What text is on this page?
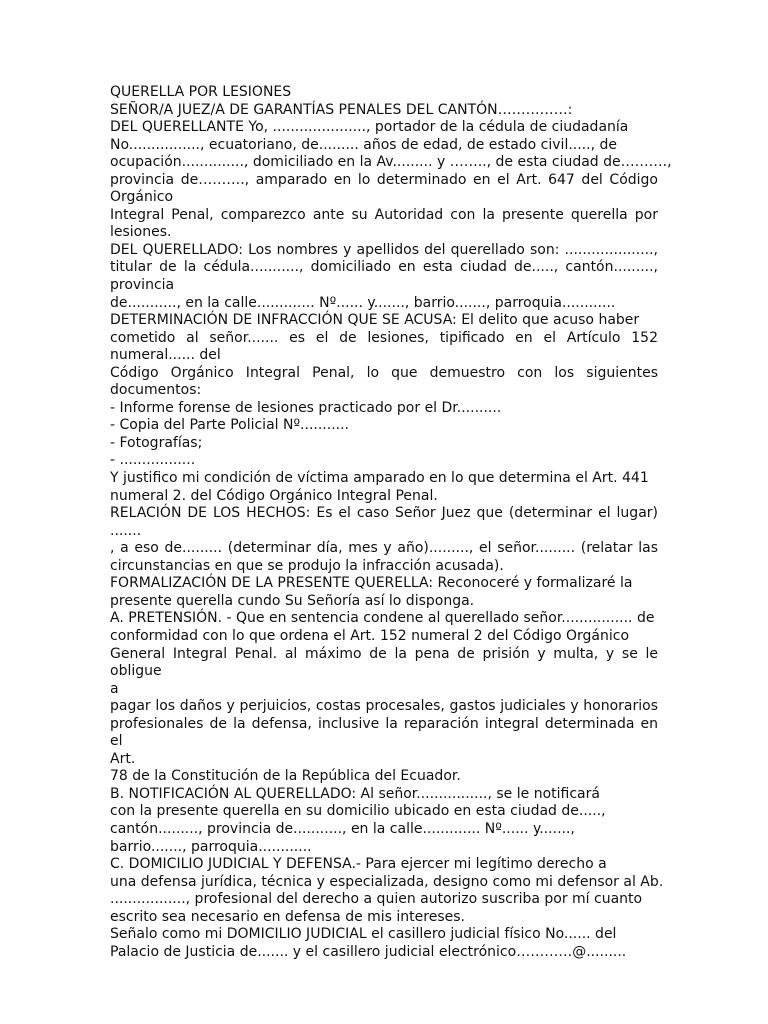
QUERELLA POR LESIONES
SEÑOR/A JUEZ/A DE GARANTÍAS PENALES DEL CANTÓN……………:
DEL QUERELLANTE Yo, ....................., portador de la cédula de ciudadanía
No................, ecuatoriano, de......... años de edad, de estado civil....., de
ocupación.............., domiciliado en la Av......... y …….., de esta ciudad de……….,
provincia de………., amparado en lo determinado en el Art. 647 del Código
Orgánico
Integral Penal, comparezco ante su Autoridad con la presente querella por
lesiones.
DEL QUERELLADO: Los nombres y apellidos del querellado son: ....................,
titular de la cédula..........., domiciliado en esta ciudad de....., cantón.........,
provincia
de..........., en la calle............. Nº...... y......., barrio......., parroquia............
DETERMINACIÓN DE INFRACCIÓN QUE SE ACUSA: El delito que acuso haber
cometido al señor....... es el de lesiones, tipificado en el Artículo 152
numeral...... del
Código Orgánico Integral Penal, lo que demuestro con los siguientes
documentos:
- Informe forense de lesiones practicado por el Dr..........
- Copia del Parte Policial Nº...........
- Fotografías;
- .................
Y justifico mi condición de víctima amparado en lo que determina el Art. 441
numeral 2. del Código Orgánico Integral Penal.
RELACIÓN DE LOS HECHOS: Es el caso Señor Juez que (determinar el lugar)
.......
, a eso de......... (determinar día, mes y año)........., el señor......... (relatar las
circunstancias en que se produjo la infracción acusada).
FORMALIZACIÓN DE LA PRESENTE QUERELLA: Reconoceré y formalizaré la
presente querella cundo Su Señoría así lo disponga.
A. PRETENSIÓN. - Que en sentencia condene al querellado señor................ de
conformidad con lo que ordena el Art. 152 numeral 2 del Código Orgánico
General Integral Penal. al máximo de la pena de prisión y multa, y se le obligue
a
pagar los daños y perjuicios, costas procesales, gastos judiciales y honorarios
profesionales de la defensa, inclusive la reparación integral determinada en el
Art.
78 de la Constitución de la República del Ecuador.
B. NOTIFICACIÓN AL QUERELLADO: Al señor................, se le notificará
con la presente querella en su domicilio ubicado en esta ciudad de.....,
cantón........., provincia de..........., en la calle............. Nº...... y.......,
barrio......., parroquia............
C. DOMICILIO JUDICIAL Y DEFENSA.- Para ejercer mi legítimo derecho a
una defensa jurídica, técnica y especializada, designo como mi defensor al Ab.
................., profesional del derecho a quien autorizo suscriba por mí cuanto
escrito sea necesario en defensa de mis intereses.
Señalo como mi DOMICILIO JUDICIAL el casillero judicial físico No...... del
Palacio de Justicia de....... y el casillero judicial electrónico…………@.........
